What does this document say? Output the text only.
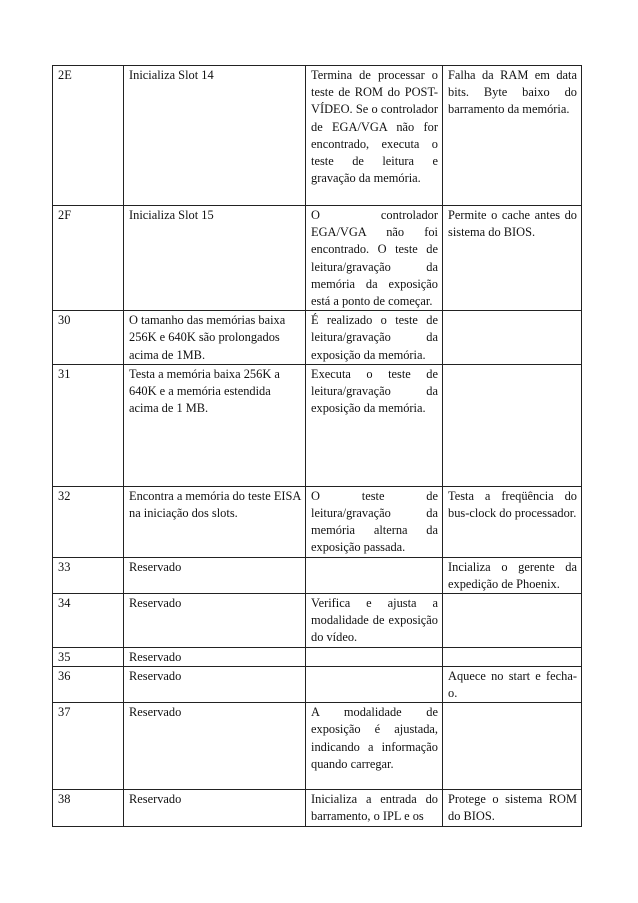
2E	Inicializa Slot 14	Termina de processar o teste de ROM do POST-VÍDEO. Se o controlador de EGA/VGA não for encontrado, executa o teste de leitura e gravação da memória.	Falha da RAM em data bits. Byte baixo do barramento da memória.

2F	Inicializa Slot 15	O controlador EGA/VGA não foi encontrado. O teste de leitura/gravação da memória da exposição está a ponto de começar.	Permite o cache antes do sistema do BIOS.

30	O tamanho das memórias baixa 256K e 640K são prolongados acima de 1MB.	É realizado o teste de leitura/gravação da exposição da memória.	

31	Testa a memória baixa 256K a 640K e a memória estendida acima de 1 MB.	Executa o teste de leitura/gravação da exposição da memória.	

32	Encontra a memória do teste EISA na iniciação dos slots.	O teste de leitura/gravação da memória alterna da exposição passada.	Testa a freqüência do bus-clock do processador.

33	Reservado		Incializa o gerente da expedição de Phoenix.

34	Reservado	Verifica e ajusta a modalidade de exposição do vídeo.	

35	Reservado		

36	Reservado		Aquece no start e fecha-o.

37	Reservado	A modalidade de exposição é ajustada, indicando a informação quando carregar.	

38	Reservado	Inicializa a entrada do barramento, o IPL e os	Protege o sistema ROM do BIOS.
